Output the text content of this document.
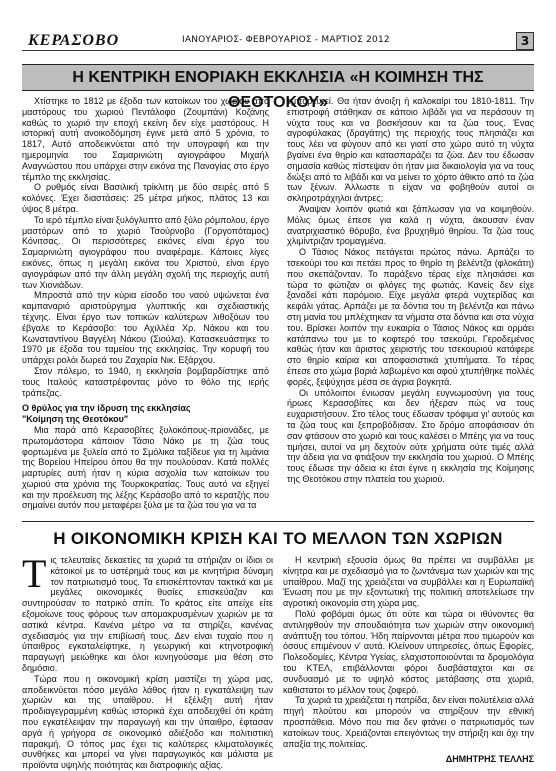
ΚΕΡΑΣΟΒΟ	ΙΑΝΟΥΑΡΙΟΣ- ΦΕΒΡΟΥΑΡΙΟΣ - ΜΑΡΤΙΟΣ 2012	3
Η ΚΕΝΤΡΙΚΗ ΕΝΟΡΙΑΚΗ ΕΚΚΛΗΣΙΑ «Η ΚΟΙΜΗΣΗ ΤΗΣ ΘΕΟΤΟΚΟΥ»

Χτίστηκε το 1812 με έξοδα των κατοίκων του χωριού από μαστόρους του χωριού Πεντάλοφο (Ζουμπάνι) Κοζάνης καθώς το χωριό την εποχή εκείνη δεν είχε μαστόρους. Η ιστορική αυτή ανοικοδόμηση έγινε μετά από 5 χρόνια, το 1817, Αυτό αποδεικνύεται από την υπογραφή και την ημερομηνία του Σαμαρινιώτη αγιογράφου Μιχαήλ Αναγνώστου που υπάρχει στην εικόνα της Παναγίας στο έργο τέμπλο της εκκλησίας.

Ο ρυθμός είναι Βασιλική τρίκλιτη με δύο σειρές από 5 κολόνες. Έχει διαστάσεις: 25 μέτρα μήκος, πλάτος 13 και ύψος 8 μέτρα.

Το ιερό τέμπλο είναι ξυλόγλυπτο από ξύλο ρόμπολου, έργο μαστόρων από το χωριό Τσούρνοβο (Γοργοπόταμος) Κόνιτσας. Οι περισσότερες εικόνες είναι έργο του Σαμαρινιώτη αγιογράφου που αναφέραμε. Κάποιες λίγες εικόνες, όπως η μεγάλη εικόνα του Χριστού, είναι έργο αγιογράφων από την άλλη μεγάλη σχολή της περιοχής αυτή των Χιονιάδων.

Μπροστά από την κύρια είσοδο του ναού υψώνεται ένα καμπαναριό αριστούργημα γλυπτικής και σχεδιαστικής τέχνης. Είναι έργο των τοπικών καλύτερων λιθοξόων του έβγαλε το Κεράσοβο: του Αχιλλέα Χρ. Νάκου και του Κωνσταντίνου Βαγγέλη Νάκου (Σιούλα). Κατασκευάστηκε το 1970 με έξοδα του ταμείου της εκκλησίας. Την κορυφή του υπάρχει ρολόι δωρεά του Ζαχαρία Νικ. Εξάρχου.

Στον πόλεμο, το 1940, η εκκλησία βομβαρδίστηκε από τους Ιταλούς καταστρέφοντας μόνο το θόλο της ιερής τράπεζας.

Ο θρύλος για την ίδρυση της εκκλησίας

"Κοίμηση της Θεοτόκου"

Μια παρά από Κερασοβίτες ξυλοκόπους-πριονάδες, με πρωτομάστορα κάποιον Τάσιο Νάκο με τη ζώα τους φορτωμένα με ξυλεία από το Σμόλικα ταξίδευε για τη λιμάνια της Βορείου Ηπείρου όπου θα την πουλούσαν. Κατά πολλές μαρτυρίες αυτή ήταν η κύρια ασχολία των κατοίκων του χωριού στα χρόνια της Τουρκοκρατίας. Τους αυτό να εξηγεί και την προέλευση της λέξης Κεράσοβο από το κερατζής που σημαίνει αυτόν που μεταφέρει ξύλα με τα ζώα του για να τα

εμπορευτεί. Θα ήταν άνοιξη ή καλοκαίρι του 1810-1811. Την επιστροφή στάθηκαν σε κάποιο λιβάδι για να περάσουν τη νύχτα τους και να βοσκήσουν και τα ζώα τους. Ένας αγροφύλακας (δραγάτης) της περιοχής τους πλησιάζει και τους λέει να φύγουν από κει γιατί στο χώρο αυτό τη νύχτα βγαίνει ένα θηρίο και κατασπαράζει τα ζώα. Δεν του έδωσαν σημασία καθώς πίστεψαν ότι ήταν μια δικαιολογία για να τους διώξει από το λιβάδι και να μείνει το χόρτο άθικτο από τα ζώα των ξένων. Άλλωστε τι είχαν να φοβηθούν αυτοί οι σκληροτράχηλοι άντρες;

Άναψαν λοιπόν φωτιά και ξάπλωσαν για να κοιμηθούν. Μόλις όμως έπεσε για καλά η νύχτα, άκουσαν έναν ανατριχιαστικό θόρυβο, ένα βρυχηθμό θηρίου. Τα ζώα τους χλιμίντριζαν τρομαγμένα.

Ο Τάσιος Νάκος πετάγεται πρώτος πάνω. Αρπάζει το τσεκούρι του και πετάει προς το θηρίο τη βελέντζα (φλοκάτη) που σκεπάζονταν. Το παράξενο τέρας είχε πλησιάσει και τώρα το φώτιζαν οι φλόγες της φωτιάς. Κανείς δεν είχε ξαναδεί κάτι παρόμοιο. Είχε μεγάλα φτερά νυχτερίδας και κεφάλι γάτας. Αρπάζει με τα δόντια του τη βελέντζα και πάνω στη μανία του μπλέχτηκαν τα νήματα στα δόντια και στα νύχια του. Βρίσκει λοιπόν την ευκαιρία ο Τάσιος Νάκος και ορμάει κατάπανω του με το κοφτερό του τσεκούρι. Γεροδεμένος καθώς ήταν και άριστος χειριστής του τσεκουριού κατάφερε στο θηρίο καίρια και αποφασιστικά χτυπήματα. Το τέρας έπεσε στο χώμα βαριά λαβωμένο και αφού χτυπήθηκε πολλές φορές, ξεψύχησε μέσα σε άγρια βογκητά.

Οι υπόλοιποι ένιωσαν μεγάλη ευγνωμοσύνη για τους ήρωες Κερασοβίτες και δεν ήξεραν πώς να τους ευχαριστήσουν. Στο τέλος τους έδωσαν τρόφιμα γι' αυτούς και τα ζώα τους και ξεπροβόδισαν. Στο δρόμο αποφάσισαν ότι σαν φτάσουν στο χωριό και τους καλέσει ο Μπέης για να τους τιμήσει, αυτοί να μη δεχτούν ούτε χρήματα ούτε τιμές αλλά την άδεια για να φτιάξουν την εκκλησία του χωριού. Ο Μπέης τους έδωσε την άδεια κι έτσι έγινε η εκκλησία της Κοίμησης της Θεοτόκου στην πλατεία του χωριού.

Η ΟΙΚΟΝΟΜΙΚΗ ΚΡΙΣΗ ΚΑΙ ΤΟ ΜΕΛΛΟΝ ΤΩΝ ΧΩΡΙΩΝ

Τις τελευταίες δεκαετίες τα χωριά τα στήριζαν οι ίδιοι οι κάτοικοί με το υστέρημά τους και με κινητήρια δύναμη τον πατριωτισμό τους. Τα επισκέπτονταν τακτικά και με μεγάλες οικονομικές θυσίες επισκεύαζαν και συντηρούσαν το πατρικό σπίτι. Το κράτος είτε απείχε είτε εξομοίωνε τους φόρους των απομακρυσμένων χωριών με τα αστικά κέντρα. Κανένα μέτρο να τα στηρίζει, κανένας σχεδιασμός για την επιβίωσή τους. Δεν είναι τυχαίο που η ύπαιθρος εγκαταλείφτηκε, η γεωργική και κτηνοτροφική παραγωγή μειώθηκε και όλοι κυνηγούσαμε μια θέση στο δημόσιο.

Τώρα που η οικονομική κρίση μαστίζει τη χώρα μας, αποδεικνύεται πόσο μεγάλο λάθος ήταν η εγκατάλειψη των χωριών και της υπαίθρου. Η εξέλιξη αυτή ήταν προδιαγεγραμμένη καθώς ιστορικά έχει αποδειχθεί ότι κράτη που εγκατέλειψαν την παραγωγή και την ύπαιθρο, έφτασαν αργά ή γρήγορα σε οικονομικό αδιέξοδο και πολιτιστική παρακμή. Ο τόπος μας έχει τις καλύτερες κλιματολογικές συνθήκες και μπορεί να γίνει παραγωγικός και μάλιστα με προϊόντα υψηλής ποιότητας και διατροφικής αξίας.

Η κεντρική εξουσία όμως θα πρέπει να συμβάλλει με κίνητρα και με σχεδιασμό για το ζωντάνεμα των χωριών και της υπαίθρου. Μαζί της χρειάζεται να συμβάλλει και η Ευρωπαϊκή Ένωση που με την εξοντωτική της πολιτική αποτελείωσε την αγροτική οικονομία στη χώρα μας.

Πολύ φοβόμαι όμως ότι ούτε και τώρα οι ιθύνοντες θα αντιληφθούν την σπουδαιότητα των χωριών στην οικονομική ανάπτυξη του τόπου. Ήδη παίρνονται μέτρα που τιμωρούν και όσους επιμένουν ν' αυτά. Κλείνουν υπηρεσίες, όπως Εφορίες, Πολεοδομίες, Κέντρα Υγείας, ελαχιστοποιούνται τα δρομολόγια του ΚΤΕΛ, επιβάλλονται φόροι δυσβάσταχτοι και σε συνδυασμό με το υψηλό κόστος μετάβασης στα χωριά, καθιστατοι το μέλλον τους ζοφερό.

Τα χωριά τα χρειάζεται η πατρίδα, δεν είναι πολυτέλεια αλλά πηγή πλούτου και μπορούν να στηρίξουν την εθνική προσπάθεια. Μόνο που πια δεν φτάνει ο πατριωτισμός των κατοίκων τους. Χρειάζονται επειγόντως την στήριξη και όχι την απαξία της πολιτείας.

ΔΗΜΗΤΡΗΣ ΤΕΛΛΗΣ
